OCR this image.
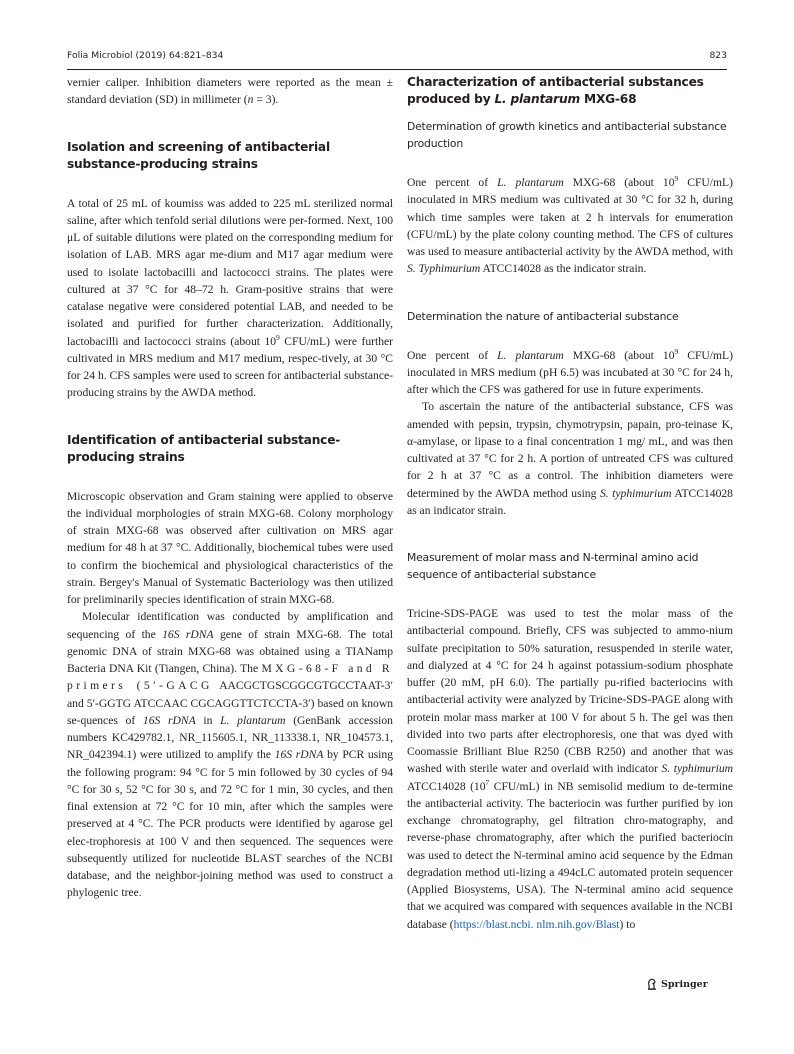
Folia Microbiol (2019) 64:821–834	823

vernier caliper. Inhibition diameters were reported as the mean ± standard deviation (SD) in millimeter (n = 3).

Isolation and screening of antibacterial substance-producing strains

A total of 25 mL of koumiss was added to 225 mL sterilized normal saline, after which tenfold serial dilutions were per-formed. Next, 100 μL of suitable dilutions were plated on the corresponding medium for isolation of LAB. MRS agar me-dium and M17 agar medium were used to isolate lactobacilli and lactococci strains. The plates were cultured at 37 °C for 48–72 h. Gram-positive strains that were catalase negative were considered potential LAB, and needed to be isolated and purified for further characterization. Additionally, lactobacilli and lactococci strains (about $10^9$ CFU/mL) were further cultivated in MRS medium and M17 medium, respec-tively, at 30 °C for 24 h. CFS samples were used to screen for antibacterial substance-producing strains by the AWDA method.

Identification of antibacterial substance-producing strains

Microscopic observation and Gram staining were applied to observe the individual morphologies of strain MXG-68. Colony morphology of strain MXG-68 was observed after cultivation on MRS agar medium for 48 h at 37 °C. Additionally, biochemical tubes were used to confirm the biochemical and physiological characteristics of the strain. Bergey's Manual of Systematic Bacteriology was then utilized for preliminarily species identification of strain MXG-68.

Molecular identification was conducted by amplification and sequencing of the 16S rDNA gene of strain MXG-68. The total genomic DNA of strain MXG-68 was obtained using a TIANamp Bacteria DNA Kit (Tiangen, China). The MXG-68-F and R primers (5′-GACG AACGCTGSCGGCGTGCCTAAT-3′ and 5′-GGTG ATCCAAC CGCAGGTTCTCCTA-3′) based on known se-quences of 16S rDNA in L. plantarum (GenBank accession numbers KC429782.1, NR_115605.1, NR_113338.1, NR_104573.1, NR_042394.1) were utilized to amplify the 16S rDNA by PCR using the following program: 94 °C for 5 min followed by 30 cycles of 94 °C for 30 s, 52 °C for 30 s, and 72 °C for 1 min, 30 cycles, and then final extension at 72 °C for 10 min, after which the samples were preserved at 4 °C. The PCR products were identified by agarose gel elec-trophoresis at 100 V and then sequenced. The sequences were subsequently utilized for nucleotide BLAST searches of the NCBI database, and the neighbor-joining method was used to construct a phylogenic tree.

Characterization of antibacterial substances produced by L. plantarum MXG-68
Determination of growth kinetics and antibacterial substance production

One percent of L. plantarum MXG-68 (about $10^9$ CFU/mL) inoculated in MRS medium was cultivated at 30 °C for 32 h, during which time samples were taken at 2 h intervals for enumeration (CFU/mL) by the plate colony counting method. The CFS of cultures was used to measure antibacterial activity by the AWDA method, with S. Typhimurium ATCC14028 as the indicator strain.

Determination the nature of antibacterial substance

One percent of L. plantarum MXG-68 (about $10^9$ CFU/mL) inoculated in MRS medium (pH 6.5) was incubated at 30 °C for 24 h, after which the CFS was gathered for use in future experiments.

To ascertain the nature of the antibacterial substance, CFS was amended with pepsin, trypsin, chymotrypsin, papain, pro-teinase K, α-amylase, or lipase to a final concentration 1 mg/ mL, and was then cultivated at 37 °C for 2 h. A portion of untreated CFS was cultured for 2 h at 37 °C as a control. The inhibition diameters were determined by the AWDA method using S. typhimurium ATCC14028 as an indicator strain.

Measurement of molar mass and N-terminal amino acid sequence of antibacterial substance

Tricine-SDS-PAGE was used to test the molar mass of the antibacterial compound. Briefly, CFS was subjected to ammo-nium sulfate precipitation to 50% saturation, resuspended in sterile water, and dialyzed at 4 °C for 24 h against potassium-sodium phosphate buffer (20 mM, pH 6.0). The partially pu-rified bacteriocins with antibacterial activity were analyzed by Tricine-SDS-PAGE along with protein molar mass marker at 100 V for about 5 h. The gel was then divided into two parts after electrophoresis, one that was dyed with Coomassie Brilliant Blue R250 (CBB R250) and another that was washed with sterile water and overlaid with indicator S. typhimurium ATCC14028 ($10^7$ CFU/mL) in NB semisolid medium to de-termine the antibacterial activity. The bacteriocin was further purified by ion exchange chromatography, gel filtration chro-matography, and reverse-phase chromatography, after which the purified bacteriocin was used to detect the N-terminal amino acid sequence by the Edman degradation method uti-lizing a 494cLC automated protein sequencer (Applied Biosystems, USA). The N-terminal amino acid sequence that we acquired was compared with sequences available in the NCBI database (https://blast.ncbi. nlm.nih.gov/Blast) to

Springer
